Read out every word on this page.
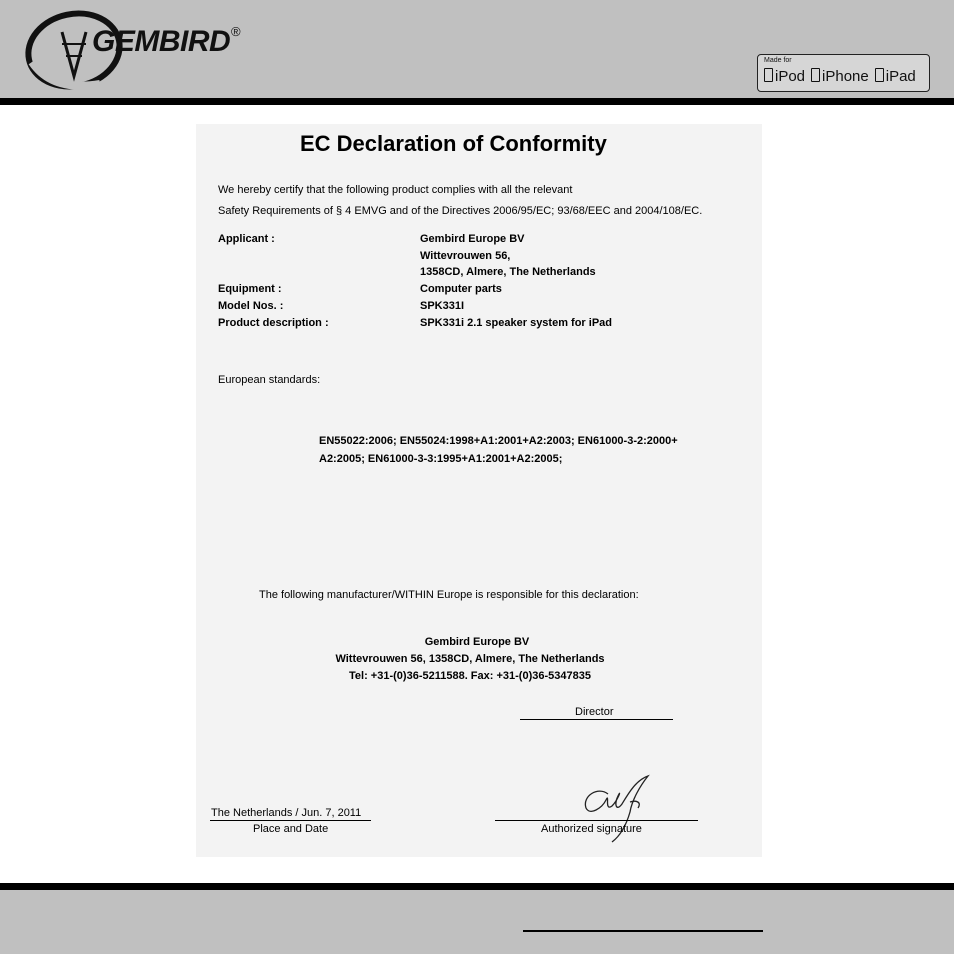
GEMBIRD ®
Made for
iPod iPhone iPad
EC Declaration of Conformity
We hereby certify that the following product complies with all the relevant
Safety Requirements of § 4 EMVG and of the Directives 2006/95/EC; 93/68/EEC and 2004/108/EC.
Applicant :	Gembird Europe BV
Wittevrouwen 56,
1358CD, Almere, The Netherlands
Equipment :	Computer parts
Model Nos. :	SPK331I
Product description :	SPK331i 2.1 speaker system for iPad
European standards:
EN55022:2006; EN55024:1998+A1:2001+A2:2003; EN61000-3-2:2000+
A2:2005; EN61000-3-3:1995+A1:2001+A2:2005;
The following manufacturer/WITHIN Europe is responsible for this declaration:
Gembird Europe BV
Wittevrouwen 56, 1358CD, Almere, The Netherlands
Tel: +31-(0)36-5211588. Fax: +31-(0)36-5347835
Director
The Netherlands / Jun. 7, 2011
Place and Date	Authorized signature
